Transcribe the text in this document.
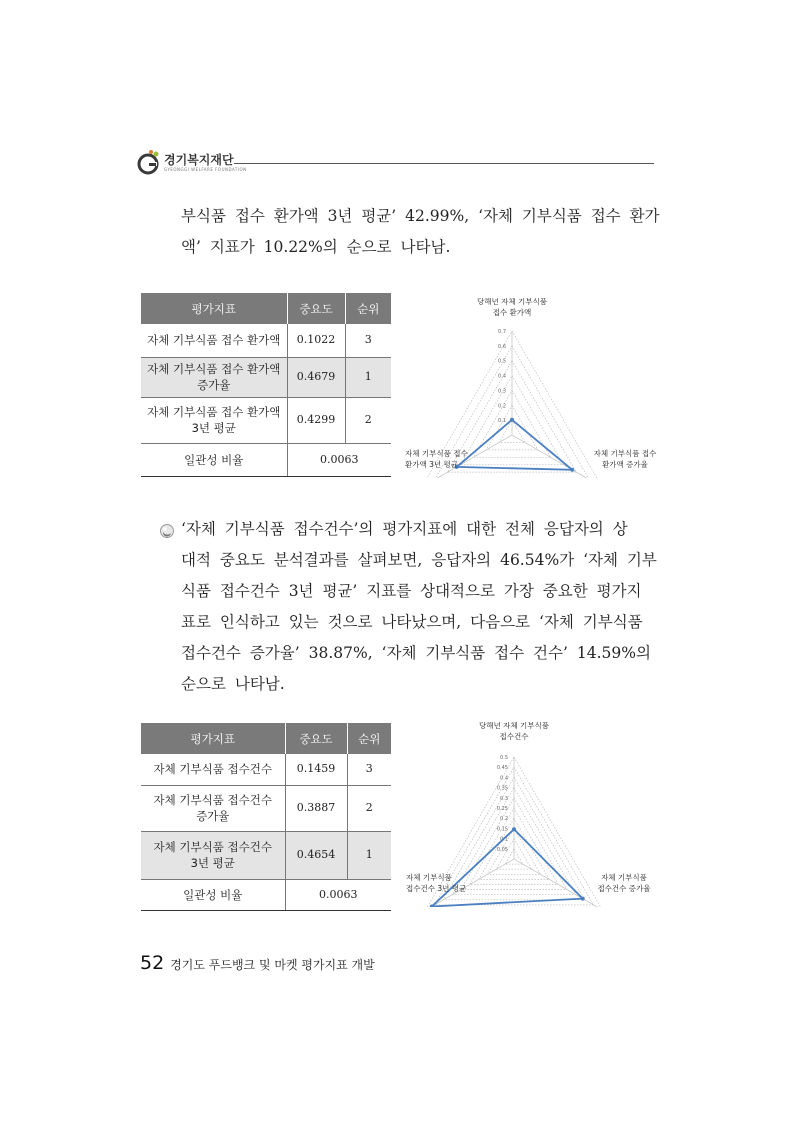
경기복지재단
GYEONGGI WELFARE FOUNDATION
부식품 접수 환가액 3년 평균’ 42.99%, ‘자체 기부식품 접수 환가
액’ 지표가 10.22%의 순으로 나타남.
평가지표	중요도	순위
자체 기부식품 접수 환가액	0.1022	3
자체 기부식품 접수 환가액
증가율	0.4679	1
자체 기부식품 접수 환가액
3년 평균	0.4299	2
일관성 비율	0.0063	
0.1
0.2
0.3
0.4
0.5
0.6
0.7
당해년 자체 기부식품
접수 환가액
자체 기부식품 접수
환가액 증가율
자체 기부식품 접수
환가액 3년 평균
‘자체 기부식품 접수건수’의 평가지표에 대한 전체 응답자의 상
대적 중요도 분석결과를 살펴보면, 응답자의 46.54%가 ‘자체 기부
식품 접수건수 3년 평균’ 지표를 상대적으로 가장 중요한 평가지
표로 인식하고 있는 것으로 나타났으며, 다음으로 ‘자체 기부식품
접수건수 증가율’ 38.87%, ‘자체 기부식품 접수 건수’ 14.59%의
순으로 나타남.
평가지표	중요도	순위
자체 기부식품 접수건수	0.1459	3
자체 기부식품 접수건수
증가율	0.3887	2
자체 기부식품 접수건수
3년 평균	0.4654	1
일관성 비율	0.0063	
0.05
0.1
0.15
0.2
0.25
0.3
0.35
0.4
0.45
0.5
당해년 자체 기부식품
접수건수
자체 기부식품
접수건수 증가율
자체 기부식품
접수건수 3년 평균
52 경기도 푸드뱅크 및 마켓 평가지표 개발
